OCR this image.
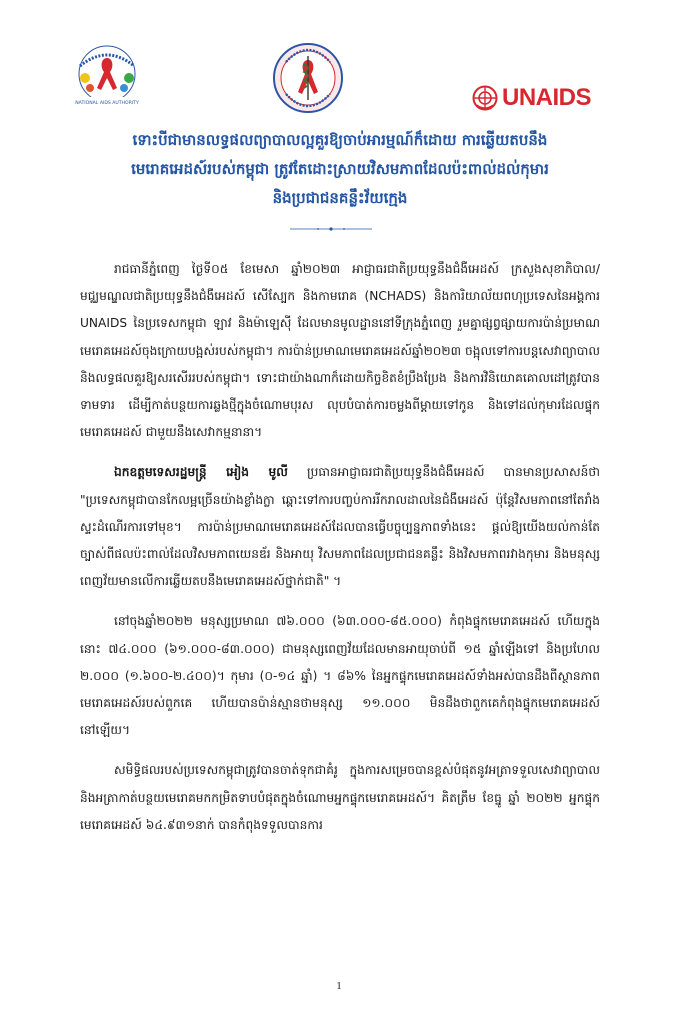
NATIONAL AIDS AUTHORITY	UNAIDS
ទោះបីជាមានលទ្ធផលព្យាបាលល្អគួរឱ្យចាប់អារម្មណ៍ក៏ដោយ ការឆ្លើយតបនឹង
មេរោគអេដស៍របស់កម្ពុជា ត្រូវតែដោះស្រាយវិសមភាពដែលប៉ះពាល់ដល់កុមារ
និងប្រជាជនគន្លឹះវ័យក្មេង

រាជធានីភ្នំពេញ ថ្ងៃទី០៥ ខែមេសា ឆ្នាំ២០២៣ អាជ្ញាធរជាតិប្រយុទ្ធនឹងជំងឺអេដស៍ ក្រសួងសុខាភិបាល/មជ្ឈមណ្ឌលជាតិប្រយុទ្ធនឹងជំងឺអេដស៍ សើស្បែក និងកាមរោគ (NCHADS) និងការិយាល័យពហុប្រទេសនៃអង្គការ UNAIDS នៃប្រទេសកម្ពុជា ឡាវ និងម៉ាឡេស៊ី ដែលមានមូលដ្ឋាននៅទីក្រុងភ្នំពេញ រួមគ្នាផ្សព្វផ្សាយការប៉ាន់ប្រមាណមេរោគអេដស៍ចុងក្រោយបង្អស់របស់កម្ពុជា។ ការប៉ាន់ប្រមាណមេរោគអេដស៍ឆ្នាំ២០២៣ ចង្អុលទៅការបន្តសេវាព្យាបាល និងលទ្ធផលគួរឱ្យសរសើររបស់កម្ពុជា។ ទោះជាយ៉ាងណាក៏ដោយកិច្ចខិតខំប្រឹងប្រែង និងការវិនិយោគគោលដៅត្រូវបានទាមទារ ដើម្បីកាត់បន្ថយការឆ្លងថ្មីក្នុងចំណោមបុរស លុបបំបាត់ការចម្លងពីម្តាយទៅកូន និងទៅដល់កុមារដែលផ្ទុកមេរោគអេដស៍ ជាមួយនឹងសេវាកម្មនានា។

ឯកឧត្តមទេសរដ្ឋមន្ត្រី អៀង មូលី ប្រធានអាជ្ញាធរជាតិប្រយុទ្ធនឹងជំងឺអេដស៍ បានមានប្រសាសន៍ថា "ប្រទេសកម្ពុជាបានកែលម្អច្រើនយ៉ាងខ្លាំងក្លា ឆ្ពោះទៅការបញ្ចប់ការរីករាលដាលនៃជំងឺអេដស៍ ប៉ុន្តែវិសមភាពនៅតែរាំងស្ទះដំណើរការទៅមុខ។ ការប៉ាន់ប្រមាណមេរោគអេដស៍ដែលបានធ្វើបច្ចុប្បន្នភាពទាំងនេះ ផ្តល់ឱ្យយើងយល់កាន់តែច្បាស់ពីផលប៉ះពាល់ដែលវិសមភាពយេនឌ័រ និងអាយុ វិសមភាពដែលប្រជាជនគន្លឹះ និងវិសមភាពរវាងកុមារ និងមនុស្សពេញវ័យមានលើការឆ្លើយតបនឹងមេរោគអេដស៍ថ្នាក់ជាតិ" ។

នៅចុងឆ្នាំ២០២២ មនុស្សប្រមាណ ៧៦.០០០ (៦៣.០០០-៨៥.០០០) កំពុងផ្ទុកមេរោគអេដស៍ ហើយក្នុងនោះ ៧៤.០០០ (៦១.០០០-៨៣.០០០) ជាមនុស្សពេញវ័យដែលមានអាយុចាប់ពី ១៥ ឆ្នាំឡើងទៅ និងប្រហែល ២.០០០ (១.៦០០-២.៤០០)។ កុមារ (០-១៤ ឆ្នាំ) ។ ៨៦% នៃអ្នកផ្ទុកមេរោគអេដស៍ទាំងអស់បានដឹងពីស្ថានភាពមេរោគអេដស៍របស់ពួកគេ ហើយបានប៉ាន់ស្មានថាមនុស្ស ១១.០០០ មិនដឹងថាពួកគេកំពុងផ្ទុកមេរោគអេដស៍នៅឡើយ។

សមិទ្ធិផលរបស់ប្រទេសកម្ពុជាត្រូវបានចាត់ទុកជាគំរូ ក្នុងការសម្រេចបានខ្ពស់បំផុតនូវអត្រាទទួលសេវាព្យាបាល និងអត្រាកាត់បន្ថយមេរោគមកកម្រិតទាបបំផុតក្នុងចំណោមអ្នកផ្ទុកមេរោគអេដស៍។ គិតត្រឹម ខែធ្នូ ឆ្នាំ ២០២២ អ្នកផ្ទុកមេរោគអេដស៍ ៦៤.៩៣១នាក់ បានកំពុងទទួលបានការ

1
